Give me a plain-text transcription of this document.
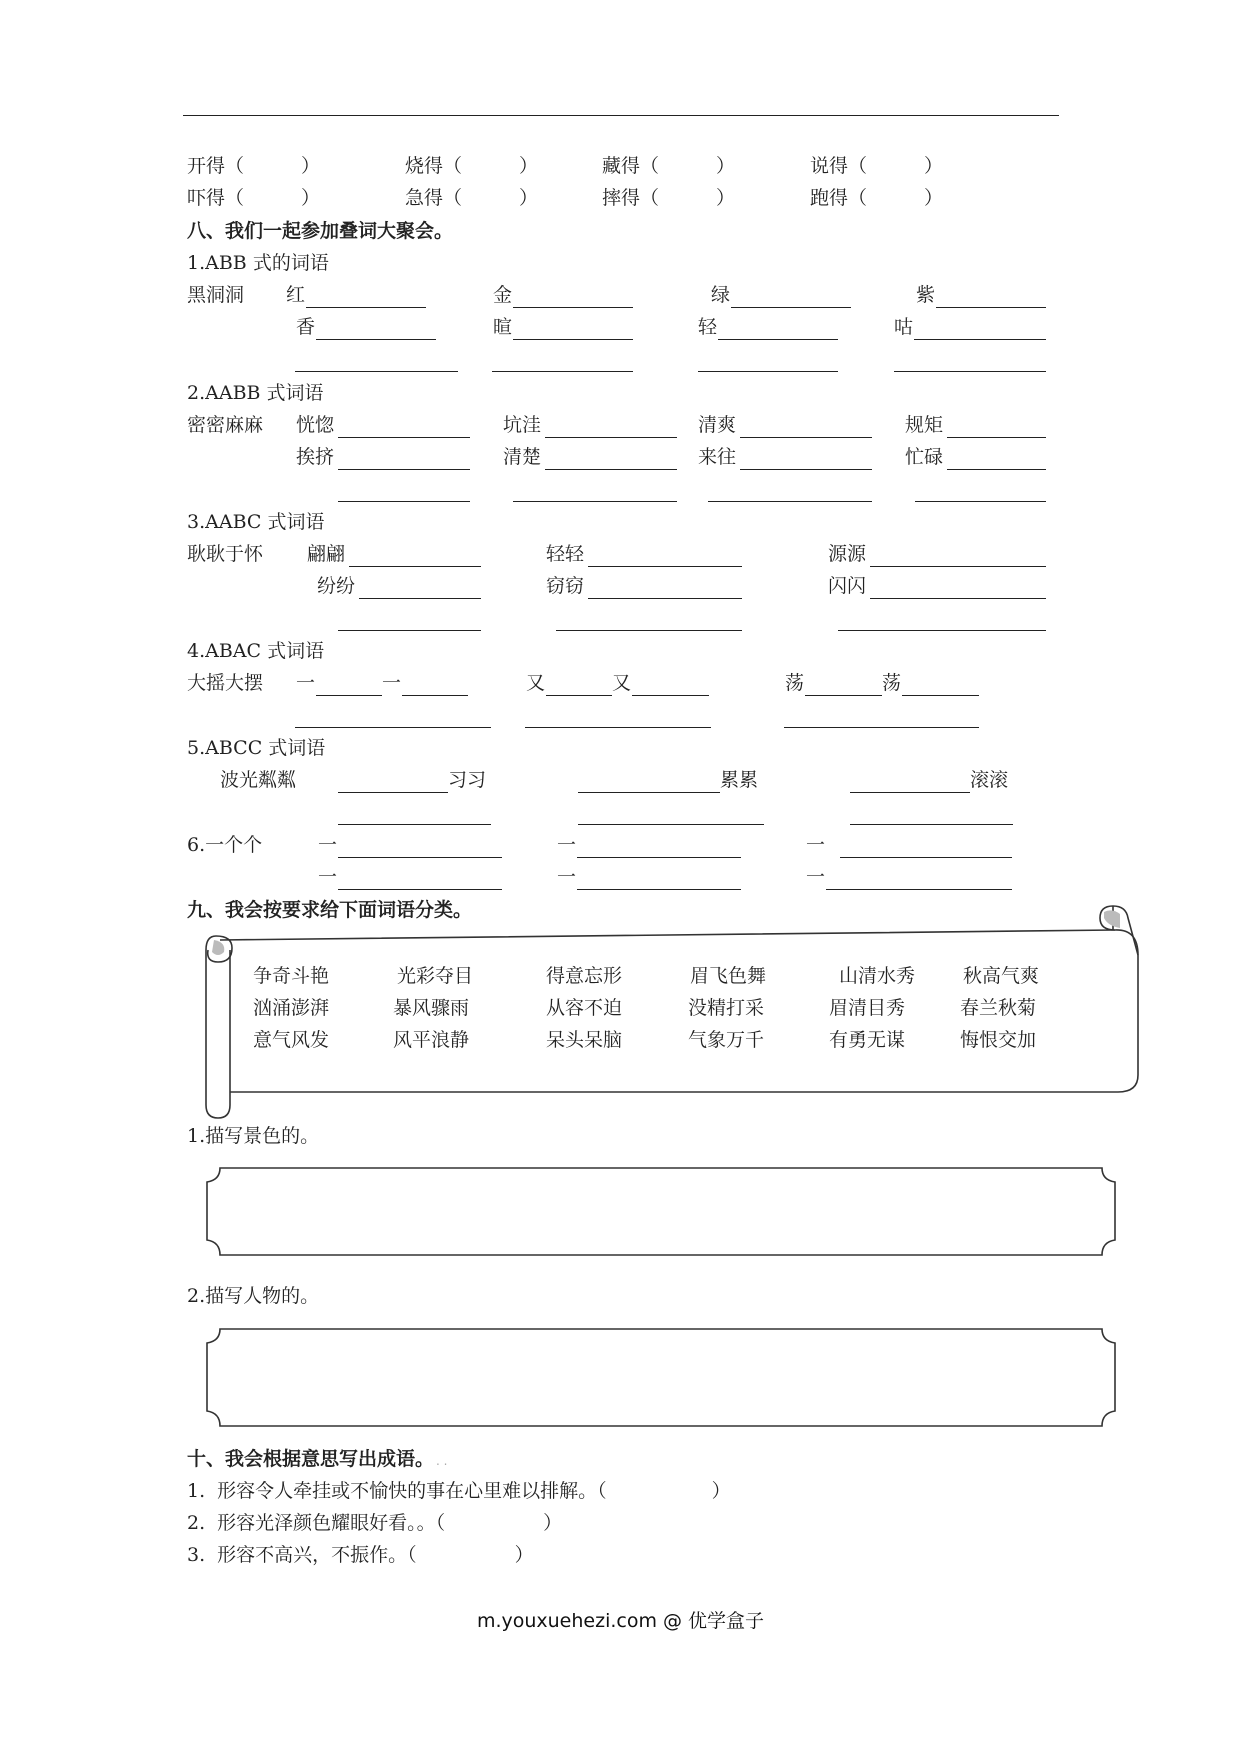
开得（　　　）	烧得（　　　）	藏得（　　　）	说得（　　　）
吓得（　　　）	急得（　　　）	摔得（　　　）	跑得（　　　）
八、我们一起参加叠词大聚会。
1.ABB 式的词语
黑洞洞 红	金	绿	紫
香	暄	轻	咕
2.AABB 式词语
密密麻麻 恍惚	坑洼	清爽	规矩
挨挤	清楚	来往	忙碌
3.AABC 式词语
耿耿于怀 翩翩	轻轻	源源
纷纷	窃窃	闪闪
4.ABAC 式词语
大摇大摆 一	一	又	又	荡	荡
5.ABCC 式词语
波光粼粼	习习	累累	滚滚
6.一个个	一	一	一
一	一	一
九、我会按要求给下面词语分类。
争奇斗艳	光彩夺目	得意忘形	眉飞色舞	山清水秀	秋高气爽
汹涌澎湃	暴风骤雨	从容不迫	没精打采	眉清目秀	春兰秋菊
意气风发	风平浪静	呆头呆脑	气象万千	有勇无谋	悔恨交加
1.描写景色的。
2.描写人物的。
十、我会根据意思写出成语。 . .
1. 形容令人牵挂或不愉快的事在心里难以排解。（	）
2. 形容光泽颜色耀眼好看。。（	）
3. 形容不高兴，不振作。（	）
m.youxuehezi.com @ 优学盒子
